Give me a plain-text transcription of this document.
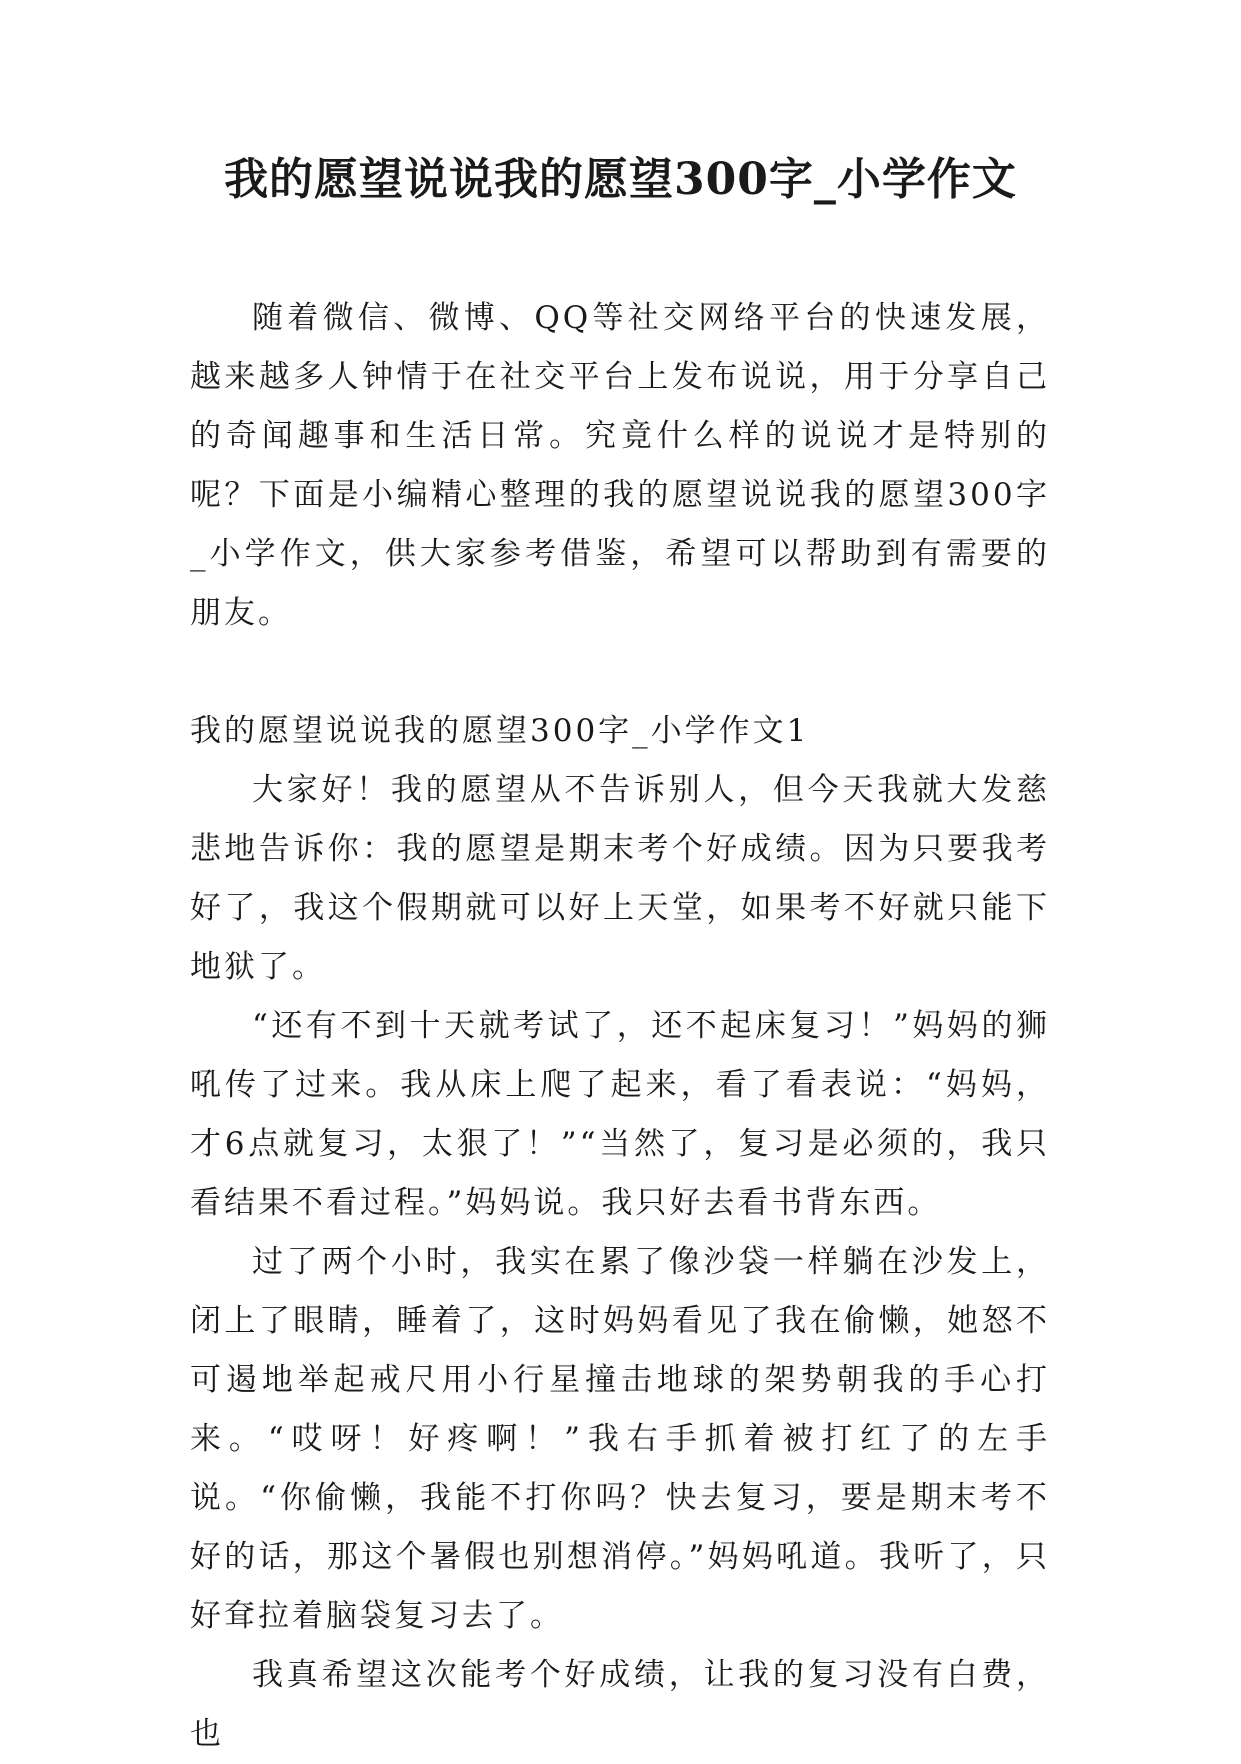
我的愿望说说我的愿望300字_小学作文

随着微信、微博、QQ等社交网络平台的快速发展，越来越多人钟情于在社交平台上发布说说，用于分享自己的奇闻趣事和生活日常。究竟什么样的说说才是特别的呢？下面是小编精心整理的我的愿望说说我的愿望300字_小学作文，供大家参考借鉴，希望可以帮助到有需要的朋友。

我的愿望说说我的愿望300字_小学作文1

大家好！我的愿望从不告诉别人，但今天我就大发慈悲地告诉你：我的愿望是期末考个好成绩。因为只要我考好了，我这个假期就可以好上天堂，如果考不好就只能下地狱了。

“还有不到十天就考试了，还不起床复习！”妈妈的狮吼传了过来。我从床上爬了起来，看了看表说：“妈妈，才6点就复习，太狠了！”“当然了，复习是必须的，我只看结果不看过程。”妈妈说。我只好去看书背东西。

过了两个小时，我实在累了像沙袋一样躺在沙发上，闭上了眼睛，睡着了，这时妈妈看见了我在偷懒，她怒不可遏地举起戒尺用小行星撞击地球的架势朝我的手心打来。“哎呀！好疼啊！”我右手抓着被打红了的左手说。“你偷懒，我能不打你吗？快去复习，要是期末考不好的话，那这个暑假也别想消停。”妈妈吼道。我听了，只好耷拉着脑袋复习去了。

我真希望这次能考个好成绩，让我的复习没有白费，也
